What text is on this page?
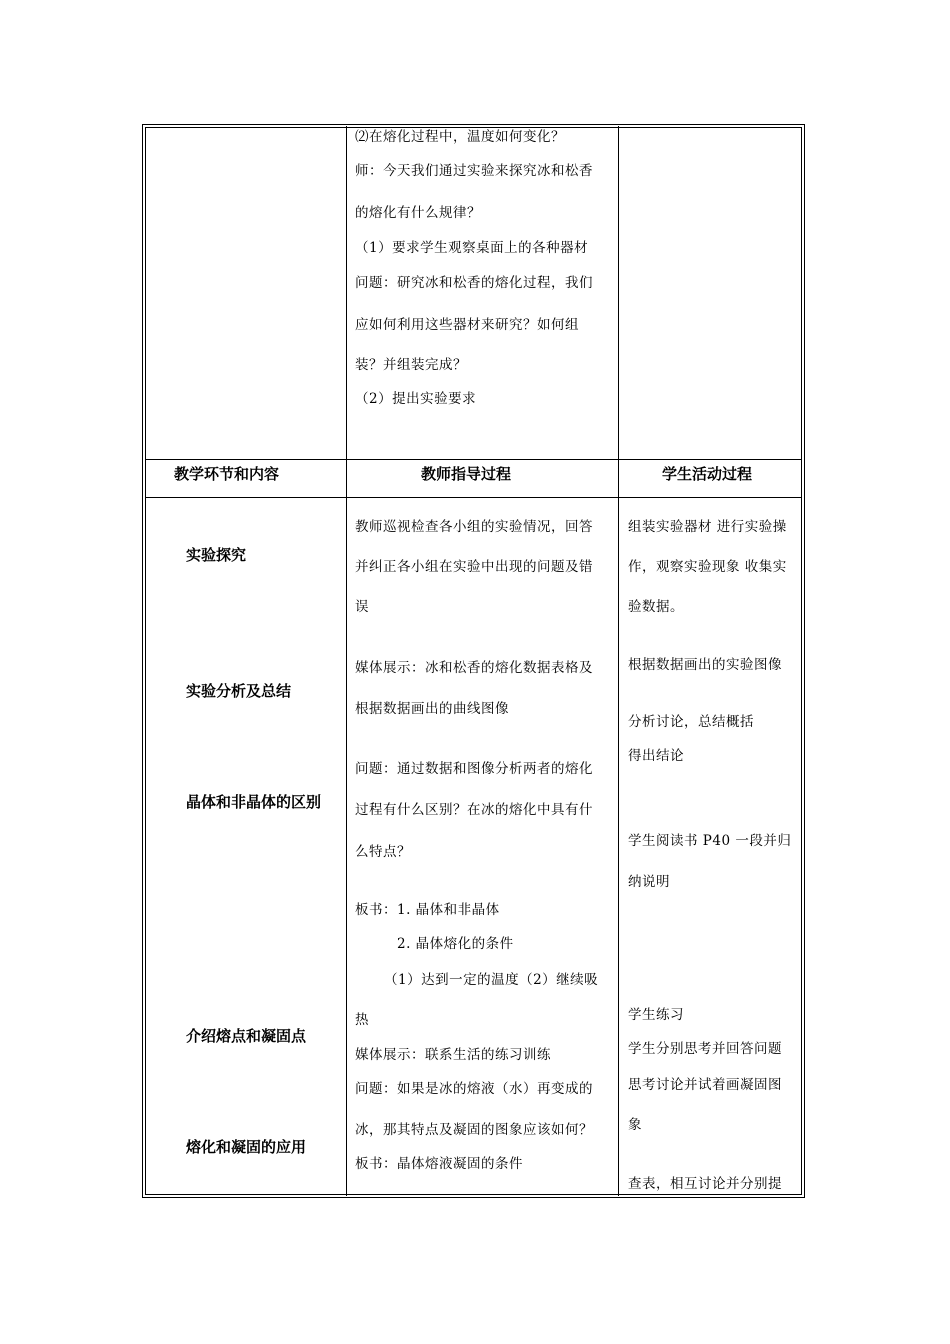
⑵在熔化过程中，温度如何变化？
师：今天我们通过实验来探究冰和松香
的熔化有什么规律？
（1）要求学生观察桌面上的各种器材
问题：研究冰和松香的熔化过程，我们
应如何利用这些器材来研究？如何组
装？并组装完成？
（2）提出实验要求
教学环节和内容	教师指导过程	学生活动过程
实验探究
实验分析及总结
晶体和非晶体的区别
介绍熔点和凝固点
熔化和凝固的应用
教师巡视检查各小组的实验情况，回答
并纠正各小组在实验中出现的问题及错
误
媒体展示：冰和松香的熔化数据表格及
根据数据画出的曲线图像
问题：通过数据和图像分析两者的熔化
过程有什么区别？在冰的熔化中具有什
么特点？
板书：1. 晶体和非晶体
2. 晶体熔化的条件
（1）达到一定的温度（2）继续吸
热
媒体展示：联系生活的练习训练
问题：如果是冰的熔液（水）再变成的
冰，那其特点及凝固的图象应该如何？
板书：晶体熔液凝固的条件
组装实验器材 进行实验操
作，观察实验现象 收集实
验数据。
根据数据画出的实验图像
分析讨论，总结概括
得出结论
学生阅读书 P40 一段并归
纳说明
学生练习
学生分别思考并回答问题
思考讨论并试着画凝固图
象
查表，相互讨论并分别提
